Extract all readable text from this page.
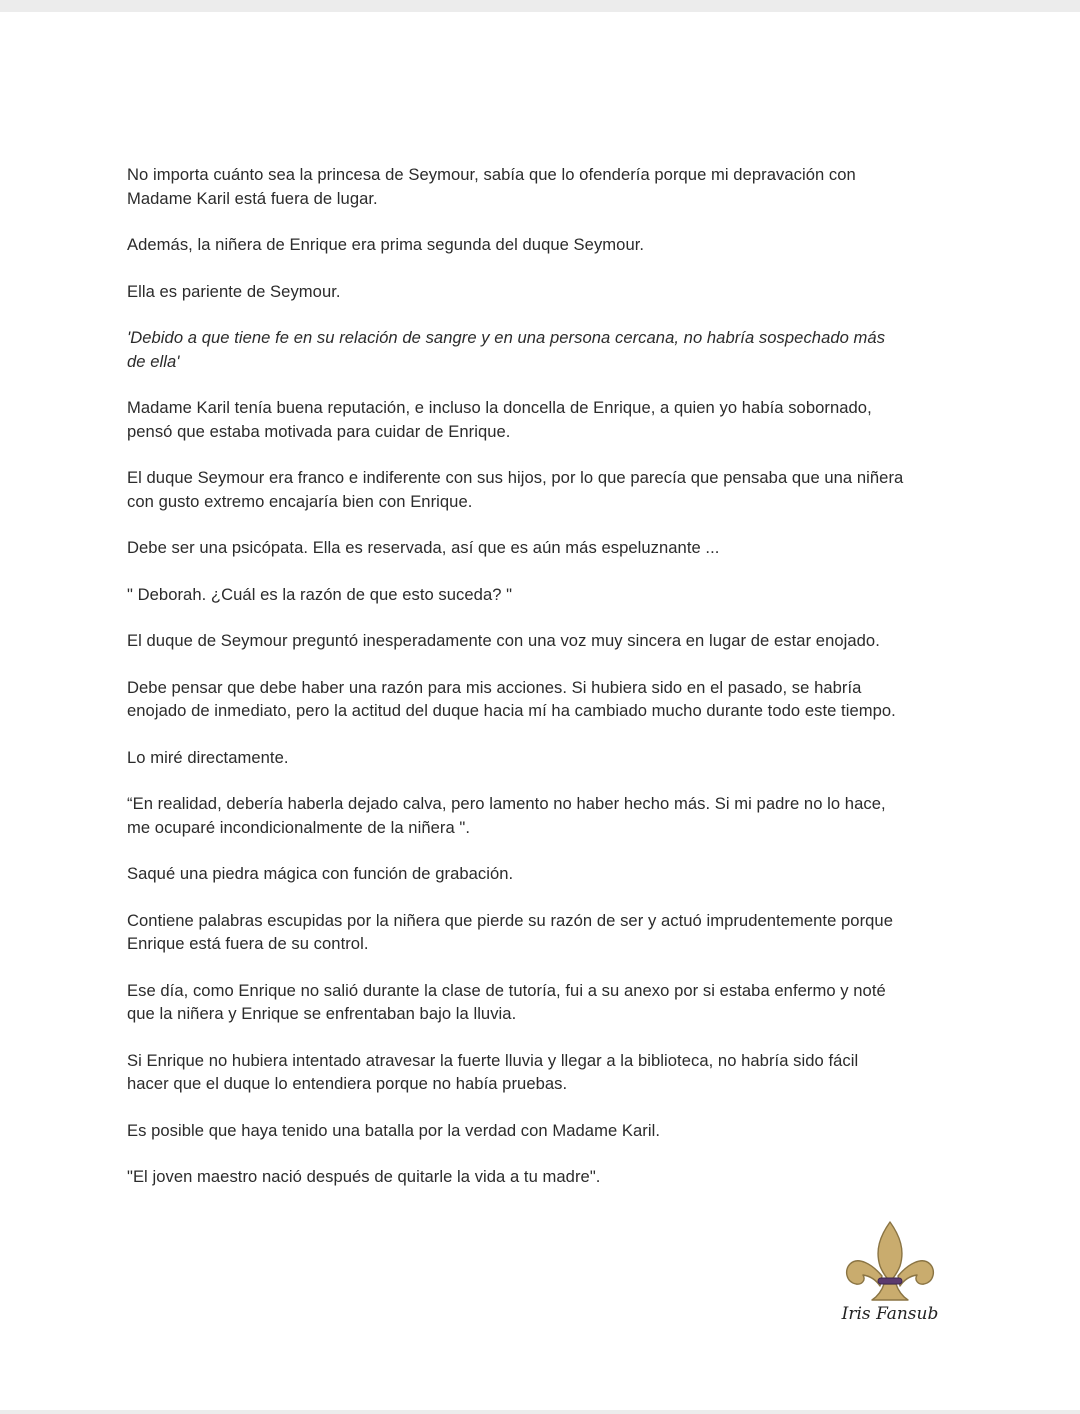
No importa cuánto sea la princesa de Seymour, sabía que lo ofendería porque mi depravación con
Madame Karil está fuera de lugar.

Además, la niñera de Enrique era prima segunda del duque Seymour.

Ella es pariente de Seymour.

'Debido a que tiene fe en su relación de sangre y en una persona cercana, no habría sospechado más
de ella'

Madame Karil tenía buena reputación, e incluso la doncella de Enrique, a quien yo había sobornado,
pensó que estaba motivada para cuidar de Enrique.

El duque Seymour era franco e indiferente con sus hijos, por lo que parecía que pensaba que una niñera
con gusto extremo encajaría bien con Enrique.

Debe ser una psicópata. Ella es reservada, así que es aún más espeluznante ...

" Deborah. ¿Cuál es la razón de que esto suceda? "

El duque de Seymour preguntó inesperadamente con una voz muy sincera en lugar de estar enojado.

Debe pensar que debe haber una razón para mis acciones. Si hubiera sido en el pasado, se habría
enojado de inmediato, pero la actitud del duque hacia mí ha cambiado mucho durante todo este tiempo.

Lo miré directamente.

“En realidad, debería haberla dejado calva, pero lamento no haber hecho más. Si mi padre no lo hace,
me ocuparé incondicionalmente de la niñera ".

Saqué una piedra mágica con función de grabación.

Contiene palabras escupidas por la niñera que pierde su razón de ser y actuó imprudentemente porque
Enrique está fuera de su control.

Ese día, como Enrique no salió durante la clase de tutoría, fui a su anexo por si estaba enfermo y noté
que la niñera y Enrique se enfrentaban bajo la lluvia.

Si Enrique no hubiera intentado atravesar la fuerte lluvia y llegar a la biblioteca, no habría sido fácil
hacer que el duque lo entendiera porque no había pruebas.

Es posible que haya tenido una batalla por la verdad con Madame Karil.

"El joven maestro nació después de quitarle la vida a tu madre".

Iris Fansub
